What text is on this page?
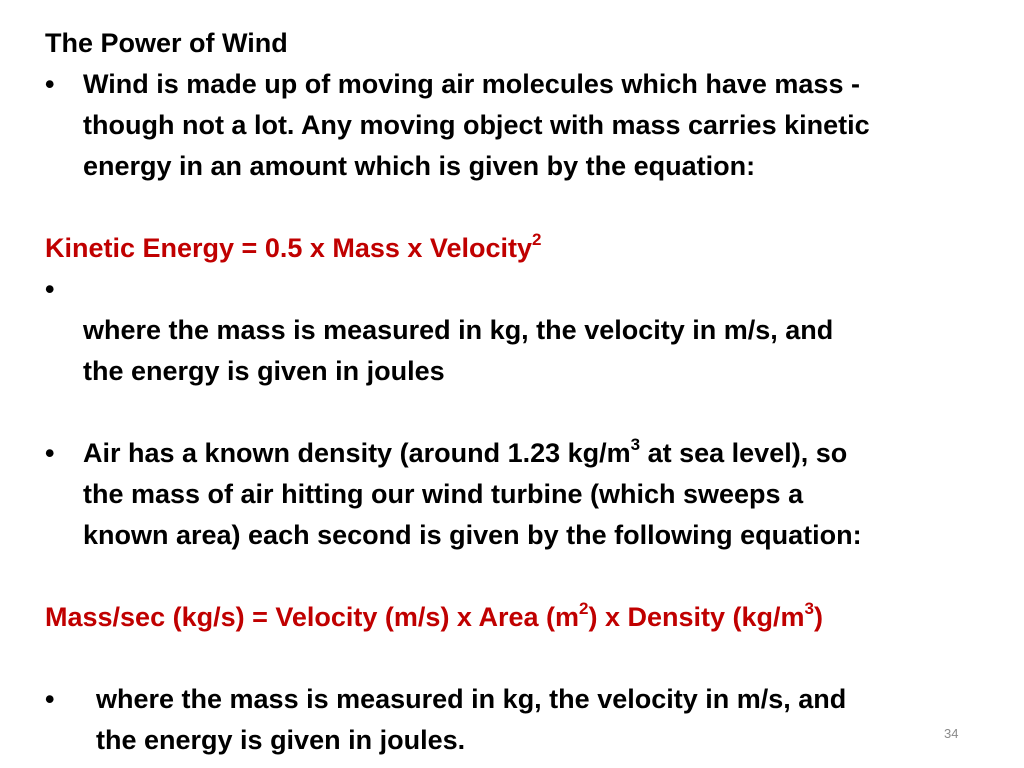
The Power of Wind
• Wind is made up of moving air molecules which have mass -
though not a lot. Any moving object with mass carries kinetic
energy in an amount which is given by the equation:
Kinetic Energy = 0.5 x Mass x Velocity$^2$
•
where the mass is measured in kg, the velocity in m/s, and
the energy is given in joules
• Air has a known density (around 1.23 $kg/m^3$ at sea level), so
the mass of air hitting our wind turbine (which sweeps a
known area) each second is given by the following equation:
Mass/sec (kg/s) = Velocity (m/s) x Area $(m^2)$ x Density $(kg/m^3)$
• where the mass is measured in kg, the velocity in m/s, and
the energy is given in joules.	34
